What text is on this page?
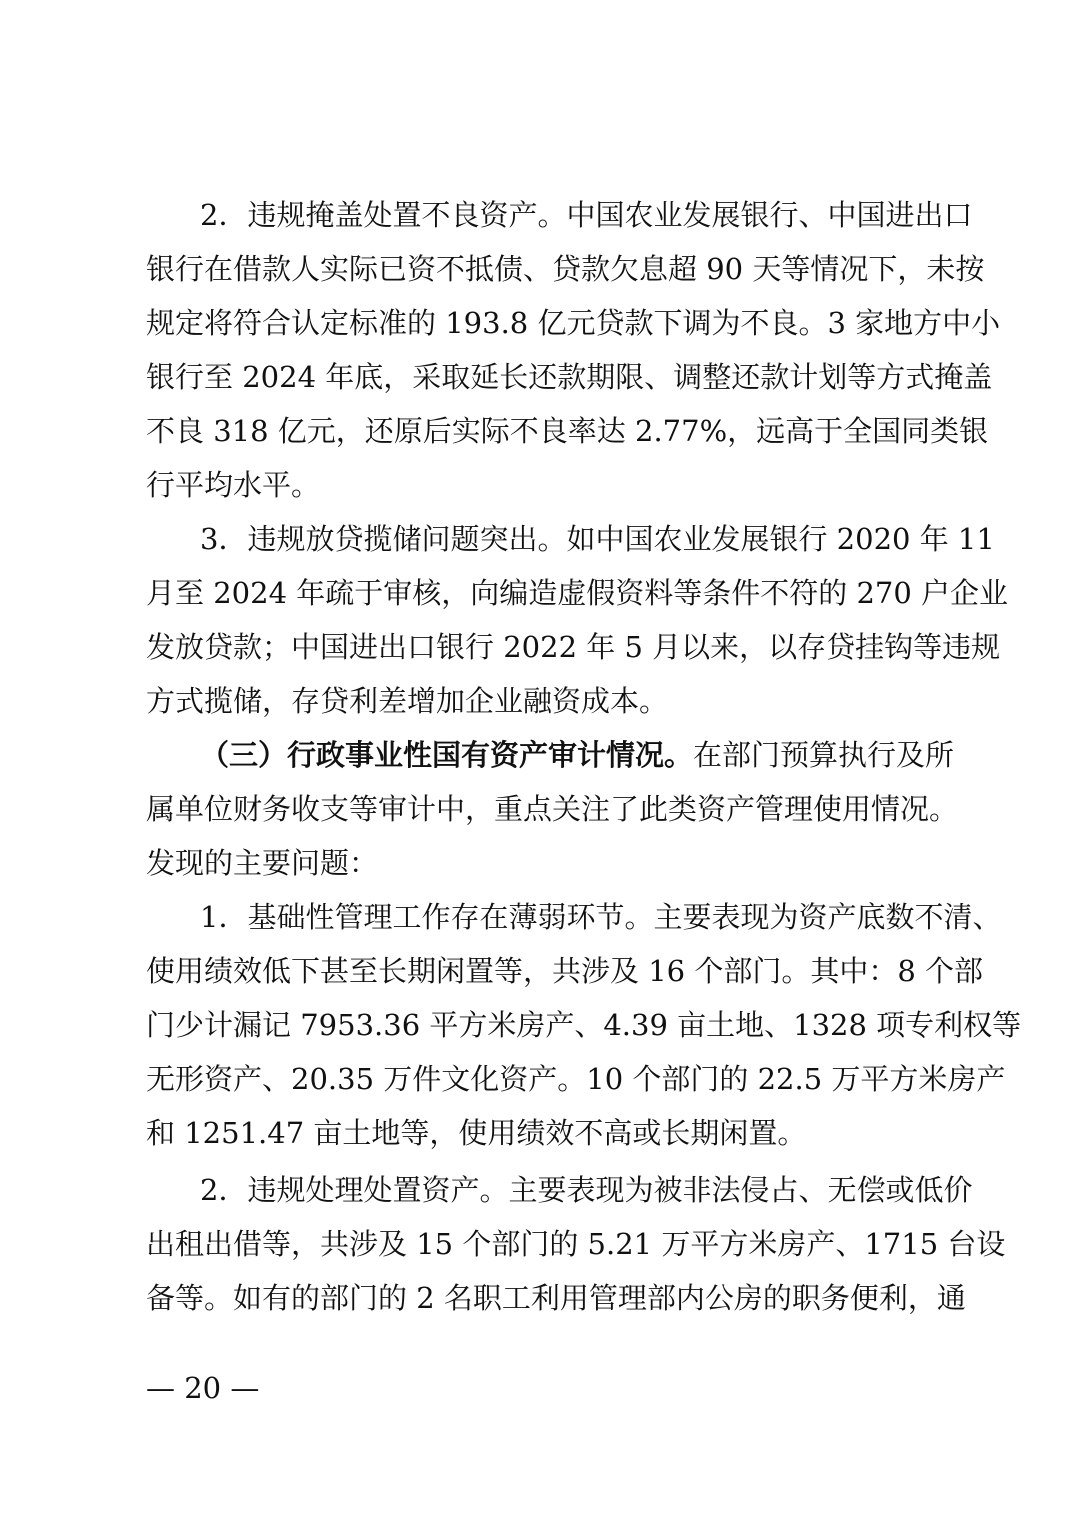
2．违规掩盖处置不良资产。中国农业发展银行、中国进出口
银行在借款人实际已资不抵债、贷款欠息超 90 天等情况下，未按
规定将符合认定标准的 193.8 亿元贷款下调为不良。3 家地方中小
银行至 2024 年底，采取延长还款期限、调整还款计划等方式掩盖
不良 318 亿元，还原后实际不良率达 2.77%，远高于全国同类银
行平均水平。
3．违规放贷揽储问题突出。如中国农业发展银行 2020 年 11
月至 2024 年疏于审核，向编造虚假资料等条件不符的 270 户企业
发放贷款；中国进出口银行 2022 年 5 月以来，以存贷挂钩等违规
方式揽储，存贷利差增加企业融资成本。
（三）行政事业性国有资产审计情况。在部门预算执行及所
属单位财务收支等审计中，重点关注了此类资产管理使用情况。
发现的主要问题：
1．基础性管理工作存在薄弱环节。主要表现为资产底数不清、
使用绩效低下甚至长期闲置等，共涉及 16 个部门。其中：8 个部
门少计漏记 7953.36 平方米房产、4.39 亩土地、1328 项专利权等
无形资产、20.35 万件文化资产。10 个部门的 22.5 万平方米房产
和 1251.47 亩土地等，使用绩效不高或长期闲置。
2．违规处理处置资产。主要表现为被非法侵占、无偿或低价
出租出借等，共涉及 15 个部门的 5.21 万平方米房产、1715 台设
备等。如有的部门的 2 名职工利用管理部内公房的职务便利，通
— 20 —
